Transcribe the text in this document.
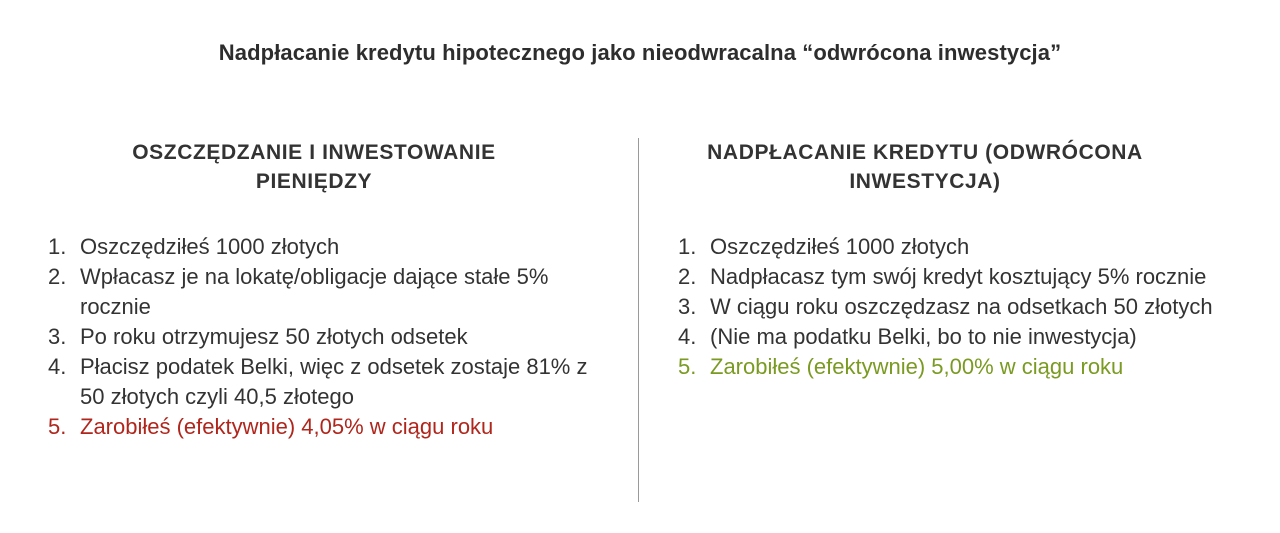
Nadpłacanie kredytu hipotecznego jako nieodwracalna “odwrócona inwestycja”
OSZCZĘDZANIE I INWESTOWANIE
PIENIĘDZY
1. Oszczędziłeś 1000 złotych
2. Wpłacasz je na lokatę/obligacje dające stałe 5% rocznie
3. Po roku otrzymujesz 50 złotych odsetek
4. Płacisz podatek Belki, więc z odsetek zostaje 81% z 50 złotych czyli 40,5 złotego
5. Zarobiłeś (efektywnie) 4,05% w ciągu roku
NADPŁACANIE KREDYTU (ODWRÓCONA
INWESTYCJA)
1. Oszczędziłeś 1000 złotych
2. Nadpłacasz tym swój kredyt kosztujący 5% rocznie
3. W ciągu roku oszczędzasz na odsetkach 50 złotych
4. (Nie ma podatku Belki, bo to nie inwestycja)
5. Zarobiłeś (efektywnie) 5,00% w ciągu roku
